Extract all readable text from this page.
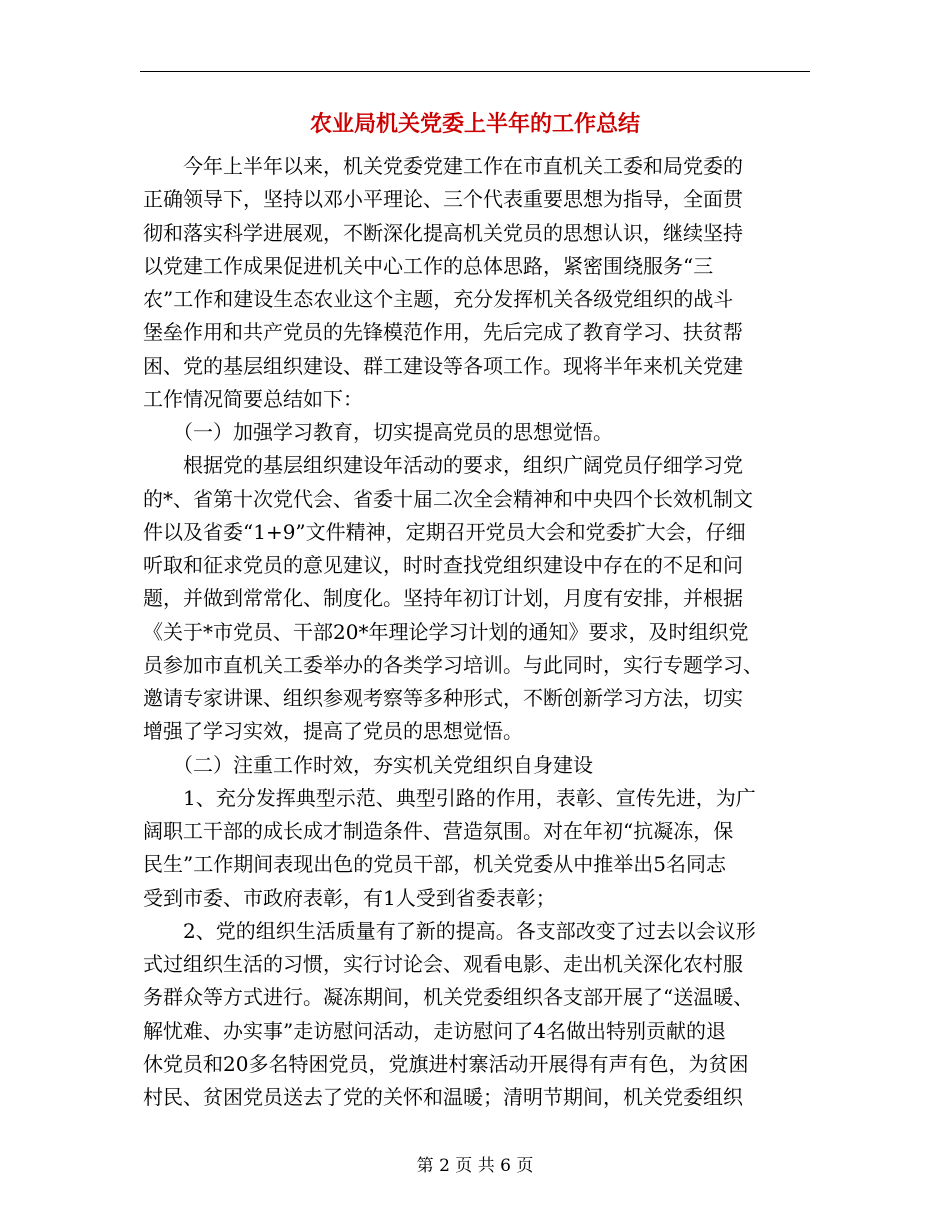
农业局机关党委上半年的工作总结
　　今年上半年以来，机关党委党建工作在市直机关工委和局党委的
正确领导下，坚持以邓小平理论、三个代表重要思想为指导，全面贯
彻和落实科学进展观，不断深化提高机关党员的思想认识，继续坚持
以党建工作成果促进机关中心工作的总体思路，紧密围绕服务“三
农”工作和建设生态农业这个主题，充分发挥机关各级党组织的战斗
堡垒作用和共产党员的先锋模范作用，先后完成了教育学习、扶贫帮
困、党的基层组织建设、群工建设等各项工作。现将半年来机关党建
工作情况简要总结如下：
　　（一）加强学习教育，切实提高党员的思想觉悟。
　　根据党的基层组织建设年活动的要求，组织广阔党员仔细学习党
的*、省第十次党代会、省委十届二次全会精神和中央四个长效机制文
件以及省委“1+9”文件精神，定期召开党员大会和党委扩大会，仔细
听取和征求党员的意见建议，时时查找党组织建设中存在的不足和问
题，并做到常常化、制度化。坚持年初订计划，月度有安排，并根据
《关于*市党员、干部20*年理论学习计划的通知》要求，及时组织党
员参加市直机关工委举办的各类学习培训。与此同时，实行专题学习、
邀请专家讲课、组织参观考察等多种形式，不断创新学习方法，切实
增强了学习实效，提高了党员的思想觉悟。
　　（二）注重工作时效，夯实机关党组织自身建设
　　1、充分发挥典型示范、典型引路的作用，表彰、宣传先进，为广
阔职工干部的成长成才制造条件、营造氛围。对在年初“抗凝冻，保
民生”工作期间表现出色的党员干部，机关党委从中推举出5名同志
受到市委、市政府表彰，有1人受到省委表彰；
　　2、党的组织生活质量有了新的提高。各支部改变了过去以会议形
式过组织生活的习惯，实行讨论会、观看电影、走出机关深化农村服
务群众等方式进行。凝冻期间，机关党委组织各支部开展了“送温暖、
解忧难、办实事”走访慰问活动，走访慰问了4名做出特别贡献的退
休党员和20多名特困党员，党旗进村寨活动开展得有声有色，为贫困
村民、贫困党员送去了党的关怀和温暖；清明节期间，机关党委组织
第 2 页 共 6 页
